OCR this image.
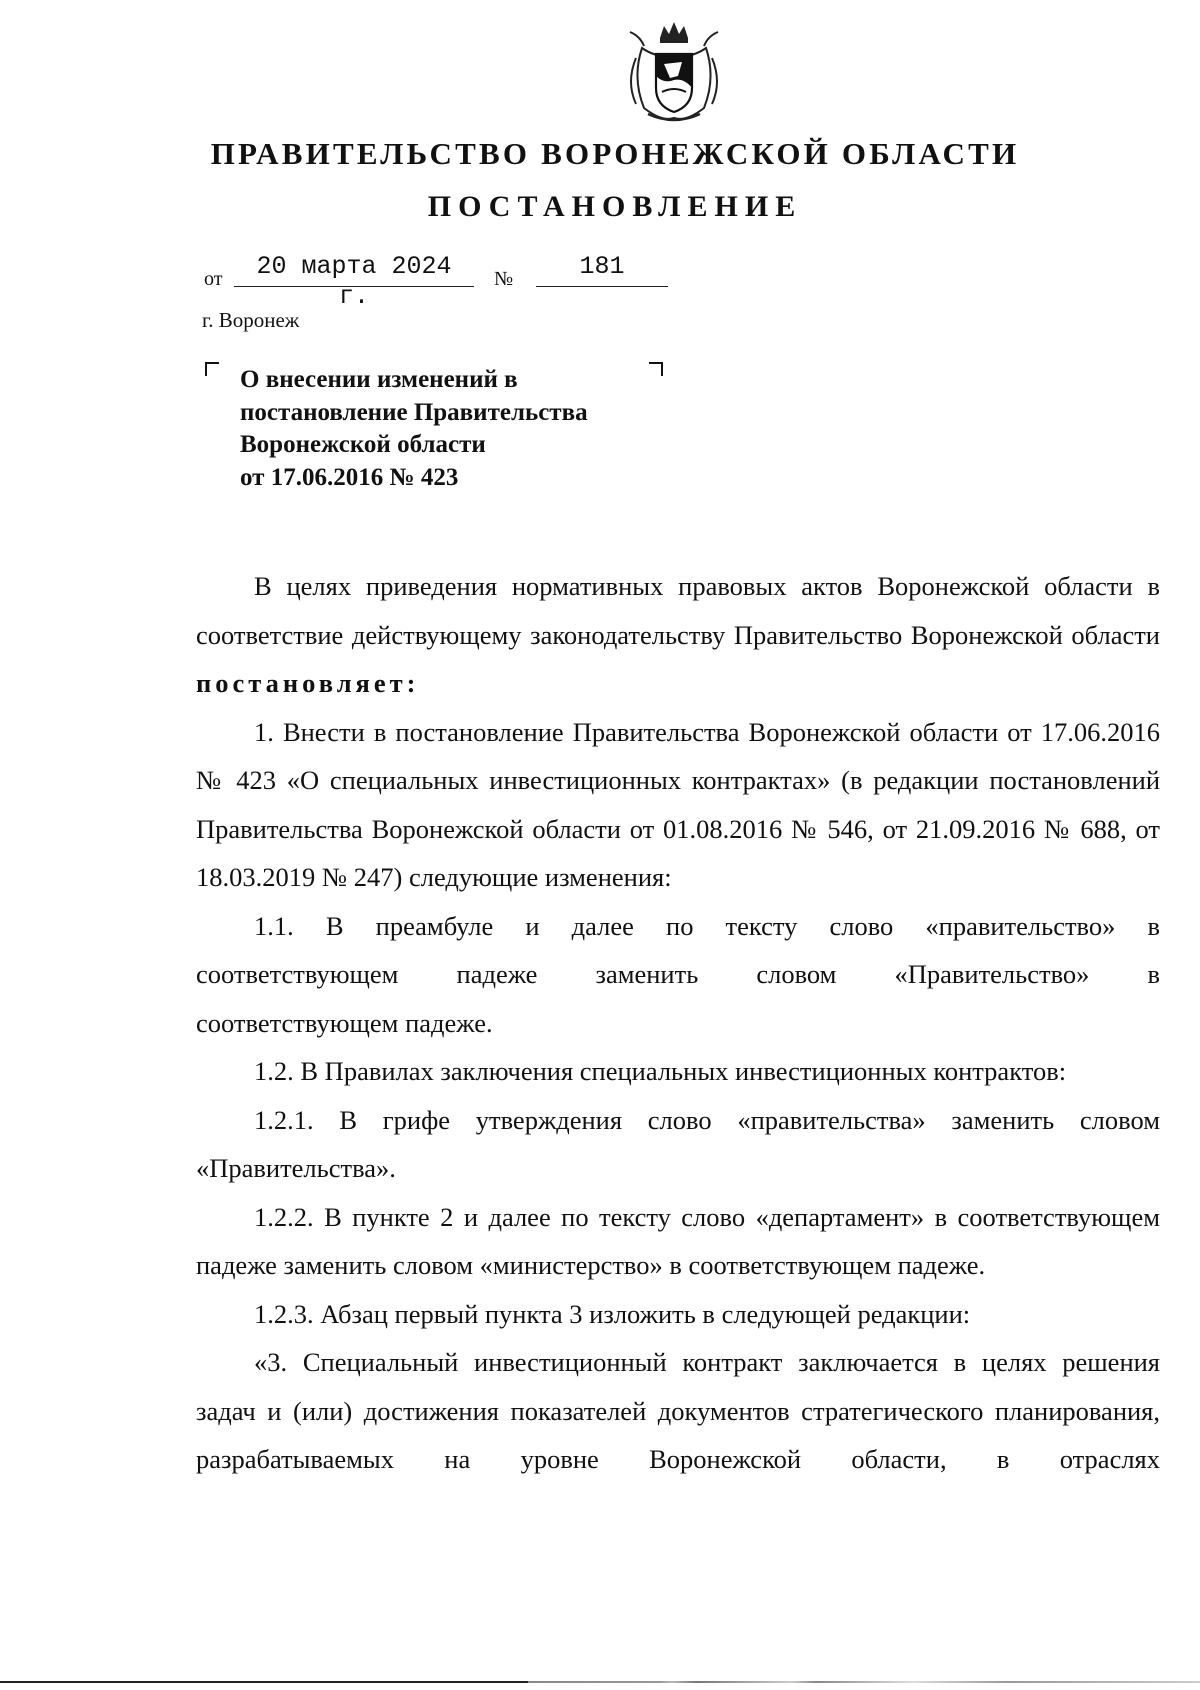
ПРАВИТЕЛЬСТВО ВОРОНЕЖСКОЙ ОБЛАСТИ
ПОСТАНОВЛЕНИЕ
от	20 марта 2024 г.
№	181
г. Воронеж
О внесении изменений в
постановление Правительства
Воронежской области
от 17.06.2016 № 423

В целях приведения нормативных правовых актов Воронежской области в соответствие действующему законодательству Правительство Воронежской области постановляет:

1. Внести в постановление Правительства Воронежской области от 17.06.2016 № 423 «О специальных инвестиционных контрактах» (в редакции постановлений Правительства Воронежской области от 01.08.2016 № 546, от 21.09.2016 № 688, от 18.03.2019 № 247) следующие изменения:

1.1. В преамбуле и далее по тексту слово «правительство» в

соответствующем падеже заменить словом «Правительство» в

соответствующем падеже.

1.2. В Правилах заключения специальных инвестиционных контрактов:

1.2.1. В грифе утверждения слово «правительства» заменить словом «Правительства».

1.2.2. В пункте 2 и далее по тексту слово «департамент» в соответствующем падеже заменить словом «министерство» в соответствующем падеже.

1.2.3. Абзац первый пункта 3 изложить в следующей редакции:

«3. Специальный инвестиционный контракт заключается в целях решения задач и (или) достижения показателей документов стратегического планирования, разрабатываемых на уровне Воронежской области, в отраслях
